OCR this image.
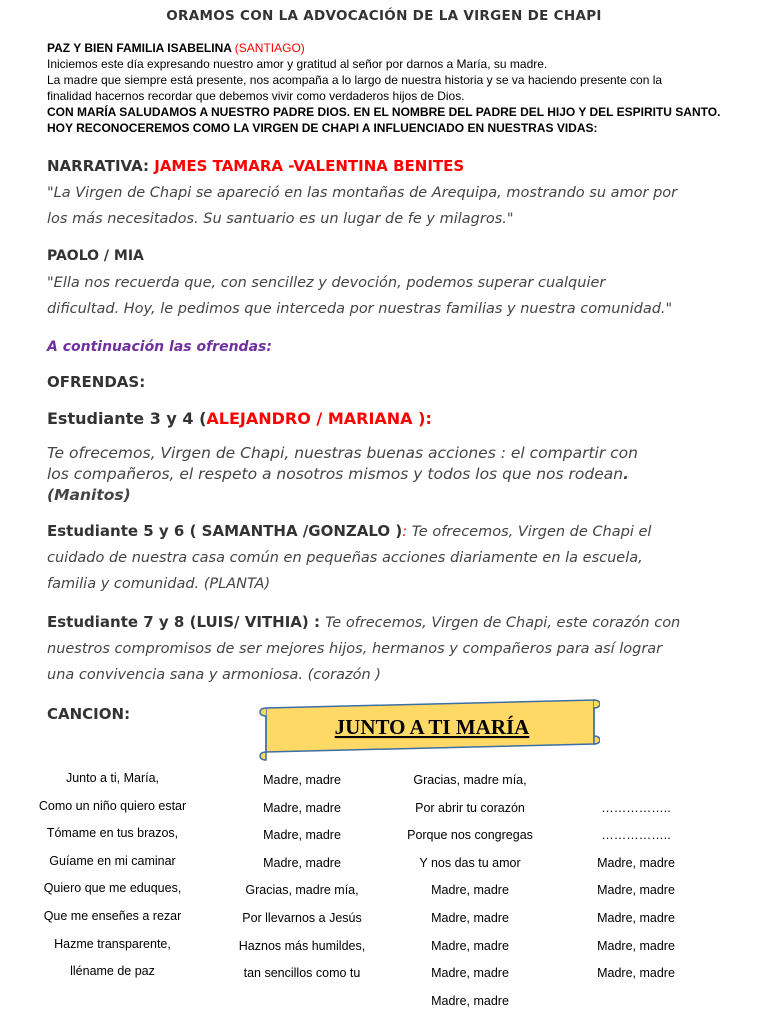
ORAMOS CON LA ADVOCACIÓN DE LA VIRGEN DE CHAPI
PAZ Y BIEN FAMILIA ISABELINA (SANTIAGO)
Iniciemos este día expresando nuestro amor y gratitud al señor por darnos a María, su madre.
La madre que siempre está presente, nos acompaña a lo largo de nuestra historia y se va haciendo presente con la
finalidad hacernos recordar que debemos vivir como verdaderos hijos de Dios.
CON MARÍA SALUDAMOS A NUESTRO PADRE DIOS. EN EL NOMBRE DEL PADRE DEL HIJO Y DEL ESPIRITU SANTO.
HOY RECONOCEREMOS COMO LA VIRGEN DE CHAPI A INFLUENCIADO EN NUESTRAS VIDAS:
NARRATIVA: JAMES TAMARA -VALENTINA BENITES
"La Virgen de Chapi se apareció en las montañas de Arequipa, mostrando su amor por
los más necesitados. Su santuario es un lugar de fe y milagros."
PAOLO / MIA
"Ella nos recuerda que, con sencillez y devoción, podemos superar cualquier
dificultad. Hoy, le pedimos que interceda por nuestras familias y nuestra comunidad."
A continuación las ofrendas:
OFRENDAS:
Estudiante 3 y 4 (ALEJANDRO / MARIANA ):
Te ofrecemos, Virgen de Chapi, nuestras buenas acciones : el compartir con
los compañeros, el respeto a nosotros mismos y todos los que nos rodean.
(Manitos)
Estudiante 5 y 6 ( SAMANTHA /GONZALO ): Te ofrecemos, Virgen de Chapi el
cuidado de nuestra casa común en pequeñas acciones diariamente en la escuela,
familia y comunidad. (PLANTA)
Estudiante 7 y 8 (LUIS/ VITHIA) : Te ofrecemos, Virgen de Chapi, este corazón con
nuestros compromisos de ser mejores hijos, hermanos y compañeros para así lograr
una convivencia sana y armoniosa. (corazón )
CANCION:
JUNTO A TI MARÍA
Junto a ti, María,
Como un niño quiero estar
Tómame en tus brazos,
Guíame en mi caminar
Quiero que me eduques,
Que me enseñes a rezar
Hazme transparente,
lléname de paz
Madre, madre
Madre, madre
Madre, madre
Madre, madre
Gracias, madre mía,
Por llevarnos a Jesús
Haznos más humildes,
tan sencillos como tu
Gracias, madre mía,
Por abrir tu corazón
Porque nos congregas
Y nos das tu amor
Madre, madre
Madre, madre
Madre, madre
Madre, madre
Madre, madre
……………..
……………..
Madre, madre
Madre, madre
Madre, madre
Madre, madre
Madre, madre
